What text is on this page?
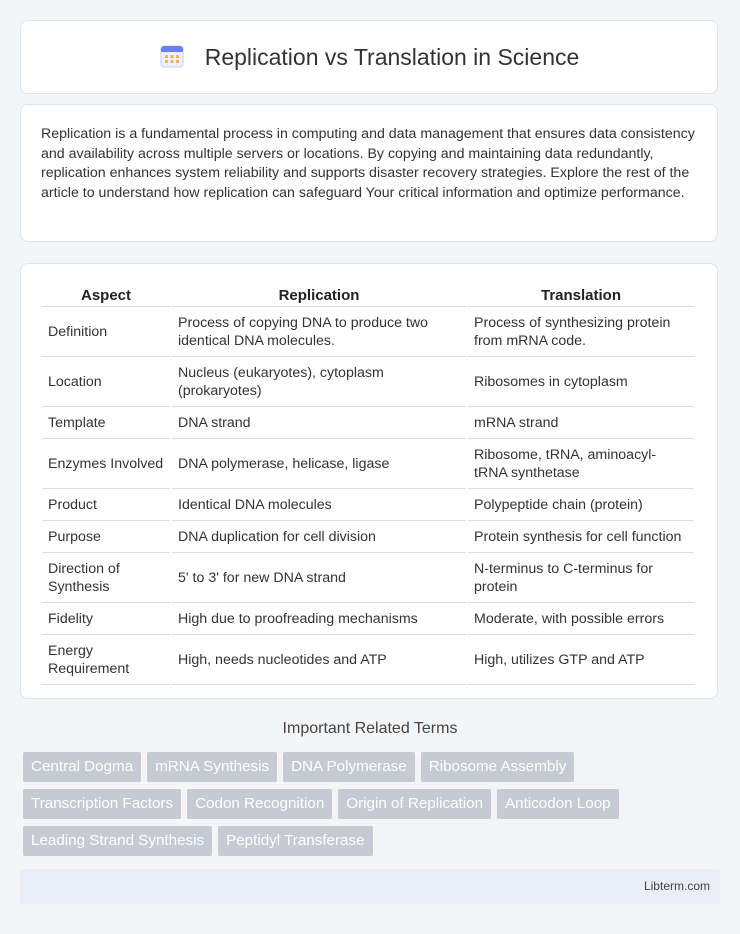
Replication vs Translation in Science

Replication is a fundamental process in computing and data management that ensures data consistency and availability across multiple servers or locations. By copying and maintaining data redundantly, replication enhances system reliability and supports disaster recovery strategies. Explore the rest of the article to understand how replication can safeguard Your critical information and optimize performance.

Aspect	Replication	Translation
Definition	Process of copying DNA to produce two identical DNA molecules.	Process of synthesizing protein from mRNA code.
Location	Nucleus (eukaryotes), cytoplasm (prokaryotes)	Ribosomes in cytoplasm
Template	DNA strand	mRNA strand
Enzymes Involved	DNA polymerase, helicase, ligase	Ribosome, tRNA, aminoacyl-tRNA synthetase
Product	Identical DNA molecules	Polypeptide chain (protein)
Purpose	DNA duplication for cell division	Protein synthesis for cell function
Direction of Synthesis	5' to 3' for new DNA strand	N-terminus to C-terminus for protein
Fidelity	High due to proofreading mechanisms	Moderate, with possible errors
Energy Requirement	High, needs nucleotides and ATP	High, utilizes GTP and ATP
Important Related Terms
Central Dogma	mRNA Synthesis	DNA Polymerase	Ribosome Assembly
Transcription Factors	Codon Recognition	Origin of Replication	Anticodon Loop
Leading Strand Synthesis	Peptidyl Transferase
Libterm.com
